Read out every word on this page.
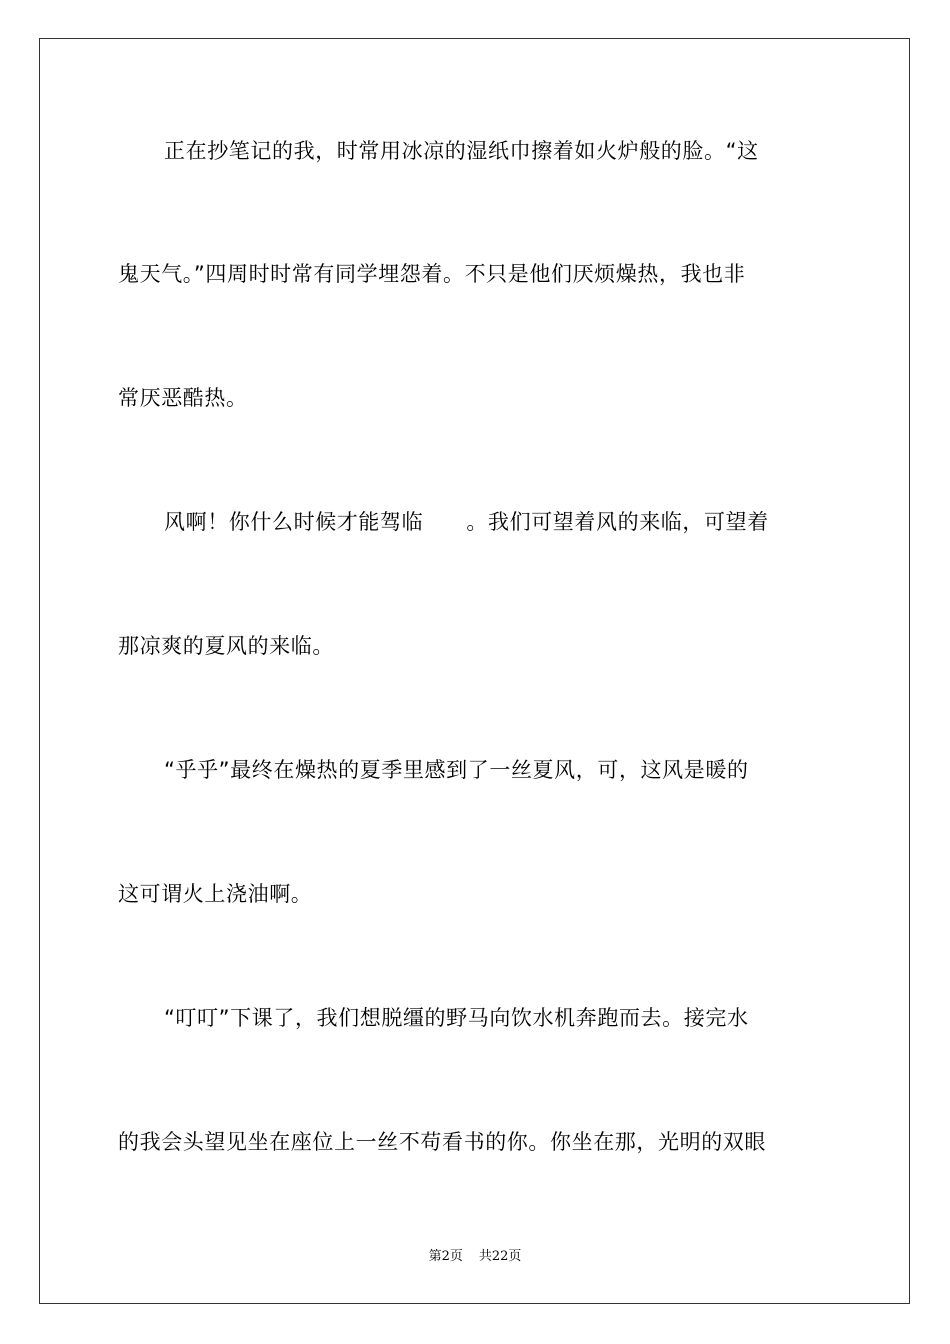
正在抄笔记的我，时常用冰凉的湿纸巾擦着如火炉般的脸。“这
鬼天气。”四周时时常有同学埋怨着。不只是他们厌烦燥热，我也非
常厌恶酷热。
风啊！你什么时候才能驾临　　。我们可望着风的来临，可望着
那凉爽的夏风的来临。
“乎乎”最终在燥热的夏季里感到了一丝夏风，可，这风是暖的
这可谓火上浇油啊。
“叮叮”下课了，我们想脱缰的野马向饮水机奔跑而去。接完水
的我会头望见坐在座位上一丝不苟看书的你。你坐在那，光明的双眼
第2页 共22页
